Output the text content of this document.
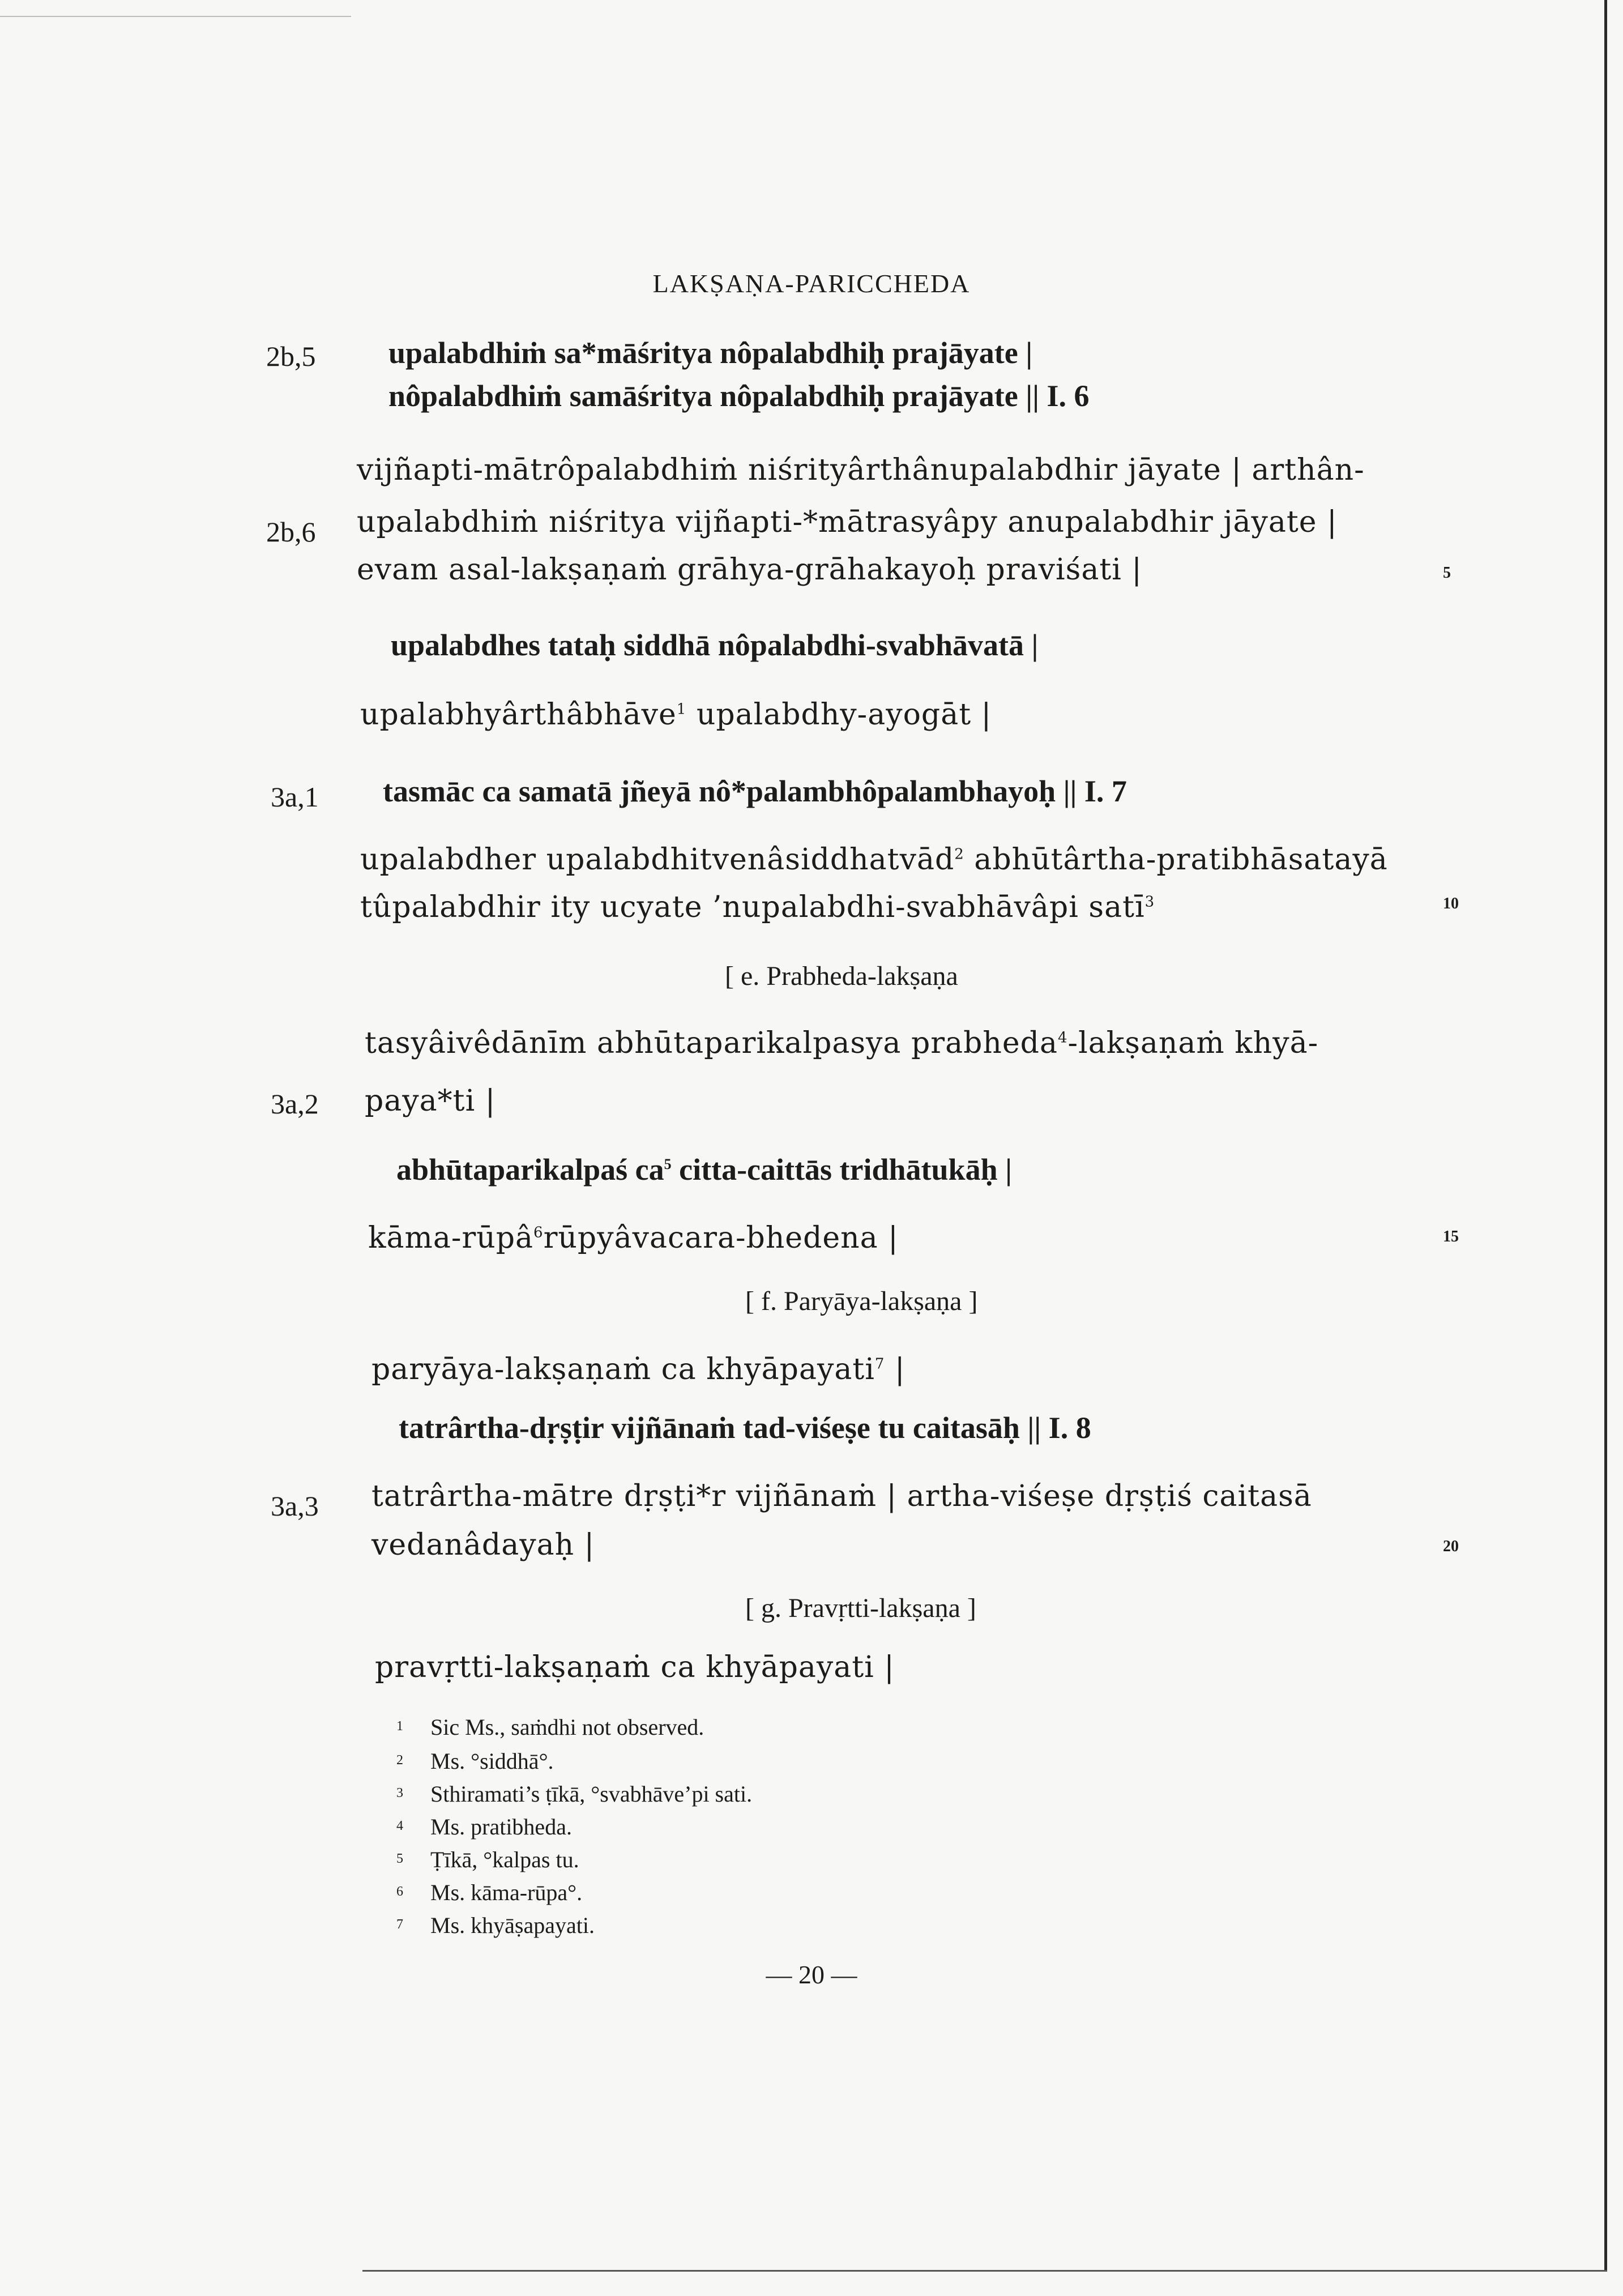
LAKṢAṆA-PARICCHEDA
2b,5
2b,6
3a,1
3a,2
3a,3
5
10
15
20
upalabdhiṁ sa*māśritya nôpalabdhiḥ prajāyate |
nôpalabdhiṁ samāśritya nôpalabdhiḥ prajāyate || I. 6
vijñapti-mātrôpalabdhiṁ niśrityârthânupalabdhir jāyate | arthân-
upalabdhiṁ niśritya vijñapti-*mātrasyâpy anupalabdhir jāyate |
evam asal-lakṣaṇaṁ grāhya-grāhakayoḥ praviśati |
upalabdhes tataḥ siddhā nôpalabdhi-svabhāvatā |
upalabhyârthâbhāve$^1$ upalabdhy-ayogāt |
tasmāc ca samatā jñeyā nô*palambhôpalambhayoḥ || I. 7
upalabdher upalabdhitvenâsiddhatvād$^2$ abhūtârtha-pratibhāsatayā
tûpalabdhir ity ucyate ’nupalabdhi-svabhāvâpi satī$^3$
[ e. Prabheda-lakṣaṇa
tasyâivêdānīm abhūtaparikalpasya prabheda$^4$-lakṣaṇaṁ khyā-
paya*ti |
abhūtaparikalpaś $ca^5$ citta-caittās tridhātukāḥ |
kāma-rūpâ$^6$rūpyâvacara-bhedena |
[ f. Paryāya-lakṣaṇa ]
paryāya-lakṣaṇaṁ ca khyāpayati$^7$ |
tatrârtha-dṛṣṭir vijñānaṁ tad-viśeṣe tu caitasāḥ || I. 8
tatrârtha-mātre dṛṣṭi*r vijñānaṁ | artha-viśeṣe dṛṣṭiś caitasā
vedanâdayaḥ |
[ g. Pravṛtti-lakṣaṇa ]
pravṛtti-lakṣaṇaṁ ca khyāpayati |
1 Sic Ms., saṁdhi not observed.
2 Ms. °siddhā°.
3 Sthiramati’s ṭīkā, °svabhāve’pi sati.
4 Ms. pratibheda.
5 Ṭīkā, °kalpas tu.
6 Ms. kāma-rūpa°.
7 Ms. khyāṣapayati.
— 20 —
